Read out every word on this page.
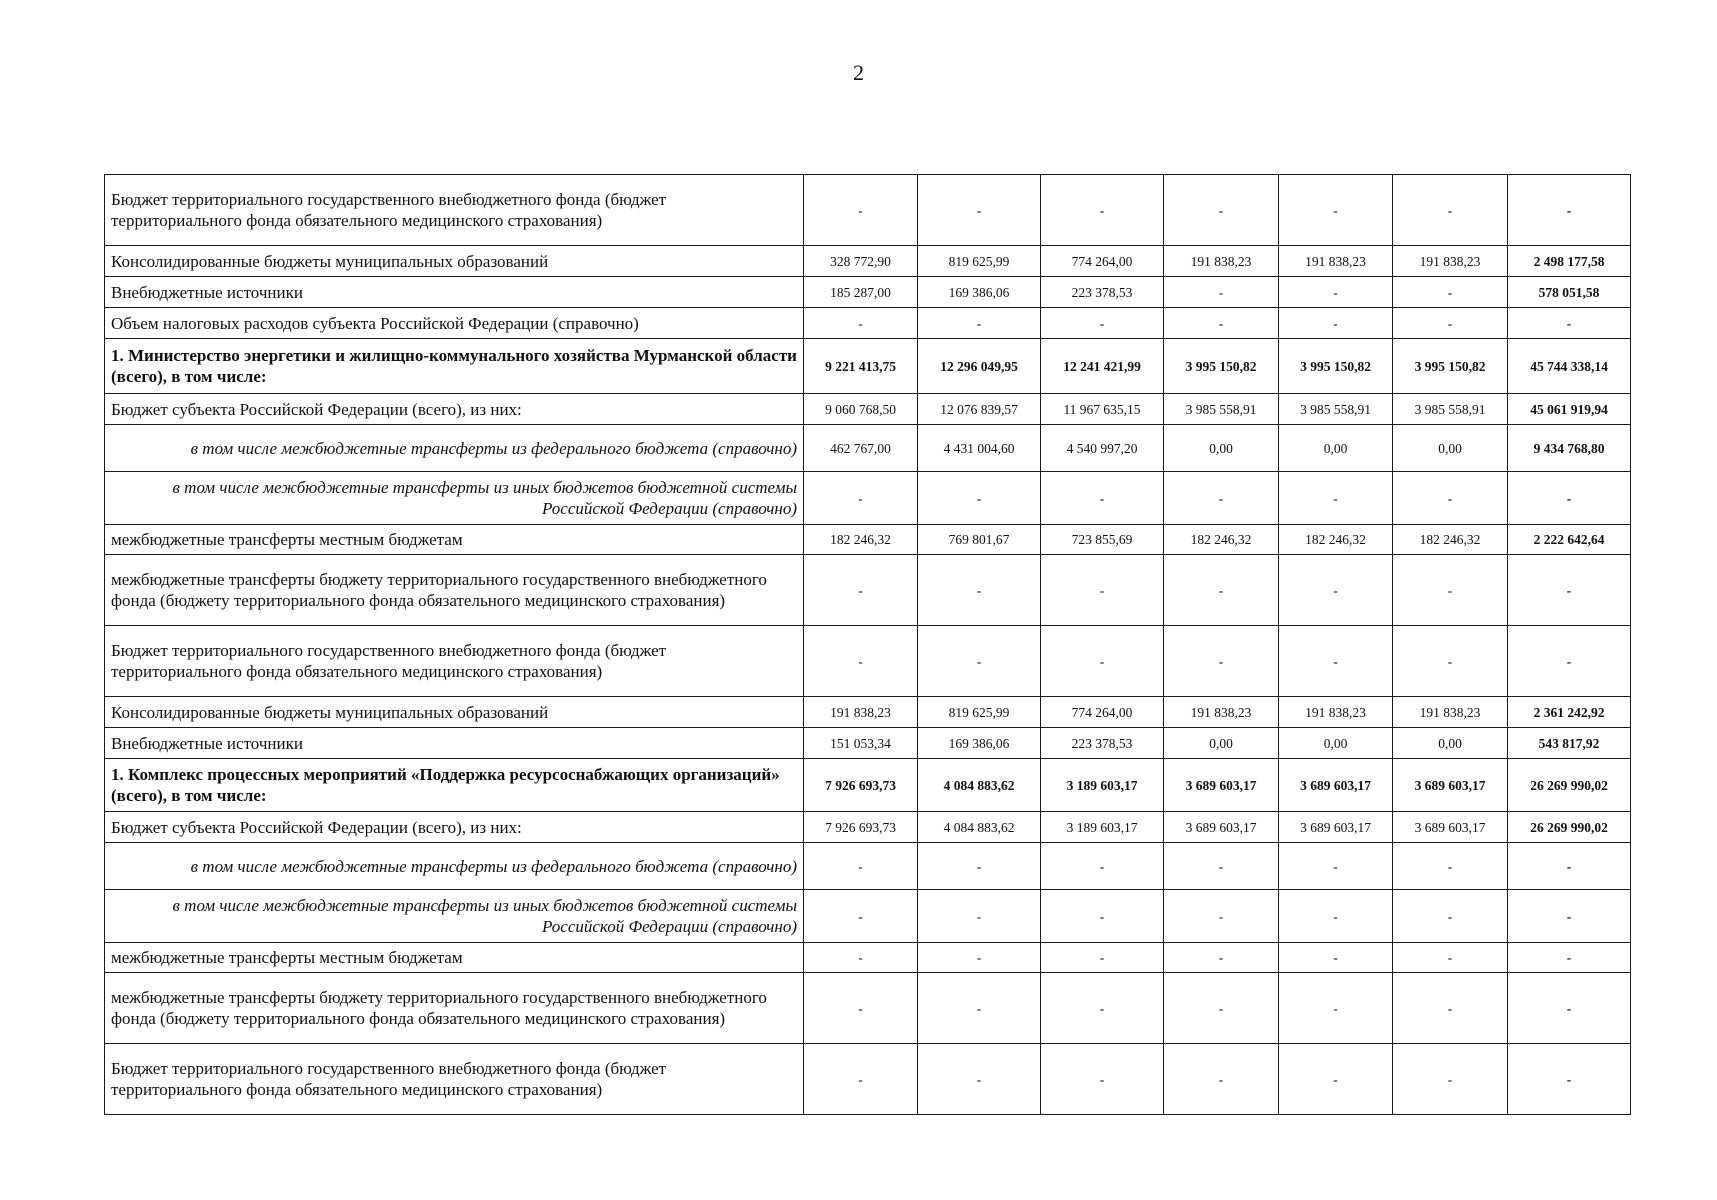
2
Бюджет территориального государственного внебюджетного фонда (бюджет территориального фонда обязательного медицинского страхования)	-	-	-	-	-	-	-
Консолидированные бюджеты муниципальных образований	328 772,90	819 625,99	774 264,00	191 838,23	191 838,23	191 838,23	2 498 177,58
Внебюджетные источники	185 287,00	169 386,06	223 378,53	-	-	-	578 051,58
Объем налоговых расходов субъекта Российской Федерации (справочно)	-	-	-	-	-	-	-
1. Министерство энергетики и жилищно-коммунального хозяйства Мурманской области (всего), в том числе:	9 221 413,75	12 296 049,95	12 241 421,99	3 995 150,82	3 995 150,82	3 995 150,82	45 744 338,14
Бюджет субъекта Российской Федерации (всего), из них:	9 060 768,50	12 076 839,57	11 967 635,15	3 985 558,91	3 985 558,91	3 985 558,91	45 061 919,94
в том числе межбюджетные трансферты из федерального бюджета (справочно)	462 767,00	4 431 004,60	4 540 997,20	0,00	0,00	0,00	9 434 768,80
в том числе межбюджетные трансферты из иных бюджетов бюджетной системы Российской Федерации (справочно)	-	-	-	-	-	-	-
межбюджетные трансферты местным бюджетам	182 246,32	769 801,67	723 855,69	182 246,32	182 246,32	182 246,32	2 222 642,64
межбюджетные трансферты бюджету территориального государственного внебюджетного фонда (бюджету территориального фонда обязательного медицинского страхования)	-	-	-	-	-	-	-
Бюджет территориального государственного внебюджетного фонда (бюджет территориального фонда обязательного медицинского страхования)	-	-	-	-	-	-	-
Консолидированные бюджеты муниципальных образований	191 838,23	819 625,99	774 264,00	191 838,23	191 838,23	191 838,23	2 361 242,92
Внебюджетные источники	151 053,34	169 386,06	223 378,53	0,00	0,00	0,00	543 817,92
1. Комплекс процессных мероприятий «Поддержка ресурсоснабжающих организаций» (всего), в том числе:	7 926 693,73	4 084 883,62	3 189 603,17	3 689 603,17	3 689 603,17	3 689 603,17	26 269 990,02
Бюджет субъекта Российской Федерации (всего), из них:	7 926 693,73	4 084 883,62	3 189 603,17	3 689 603,17	3 689 603,17	3 689 603,17	26 269 990,02
в том числе межбюджетные трансферты из федерального бюджета (справочно)	-	-	-	-	-	-	-
в том числе межбюджетные трансферты из иных бюджетов бюджетной системы Российской Федерации (справочно)	-	-	-	-	-	-	-
межбюджетные трансферты местным бюджетам	-	-	-	-	-	-	-
межбюджетные трансферты бюджету территориального государственного внебюджетного фонда (бюджету территориального фонда обязательного медицинского страхования)	-	-	-	-	-	-	-
Бюджет территориального государственного внебюджетного фонда (бюджет территориального фонда обязательного медицинского страхования)	-	-	-	-	-	-	-
